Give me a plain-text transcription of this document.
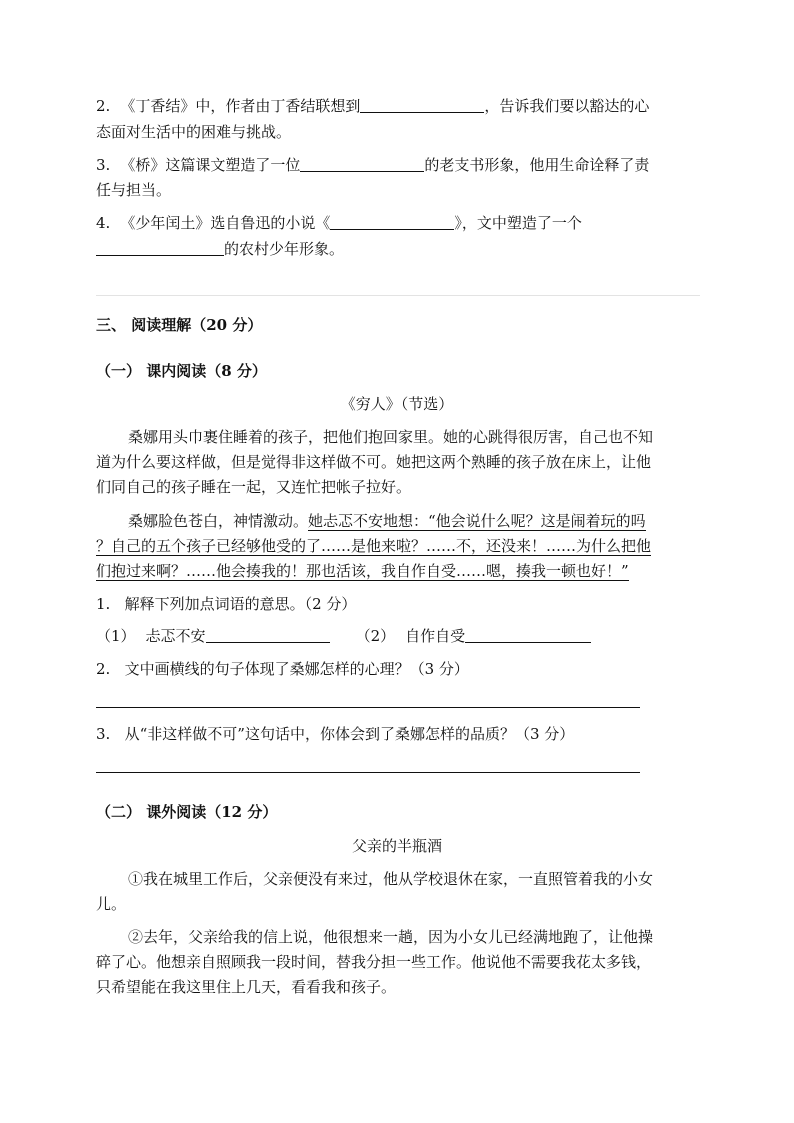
2. 《丁香结》中，作者由丁香结联想到	，告诉我们要以豁达的心
态面对生活中的困难与挑战。
3. 《桥》这篇课文塑造了一位	的老支书形象，他用生命诠释了责
任与担当。
4. 《少年闰土》选自鲁迅的小说《	》，文中塑造了一个
的农村少年形象。
三、 阅读理解（20 分）
（一） 课内阅读（8 分）
《穷人》（节选）
桑娜用头巾裹住睡着的孩子，把他们抱回家里。她的心跳得很厉害，自己也不知
道为什么要这样做，但是觉得非这样做不可。她把这两个熟睡的孩子放在床上，让他
们同自己的孩子睡在一起，又连忙把帐子拉好。
桑娜脸色苍白，神情激动。她忐忑不安地想：“他会说什么呢？这是闹着玩的吗
？自己的五个孩子已经够他受的了……是他来啦？……不，还没来！……为什么把他
们抱过来啊？……他会揍我的！那也活该，我自作自受……嗯，揍我一顿也好！”
1.   解释下列加点词语的意思。（2 分）
（1） 忐忑不安	（2） 自作自受
2.   文中画横线的句子体现了桑娜怎样的心理？（3 分）
3.   从“非这样做不可”这句话中，你体会到了桑娜怎样的品质？（3 分）
（二） 课外阅读（12 分）
父亲的半瓶酒
①我在城里工作后，父亲便没有来过，他从学校退休在家，一直照管着我的小女
儿。
②去年，父亲给我的信上说，他很想来一趟，因为小女儿已经满地跑了，让他操
碎了心。他想亲自照顾我一段时间，替我分担一些工作。他说他不需要我花太多钱，
只希望能在我这里住上几天，看看我和孩子。
